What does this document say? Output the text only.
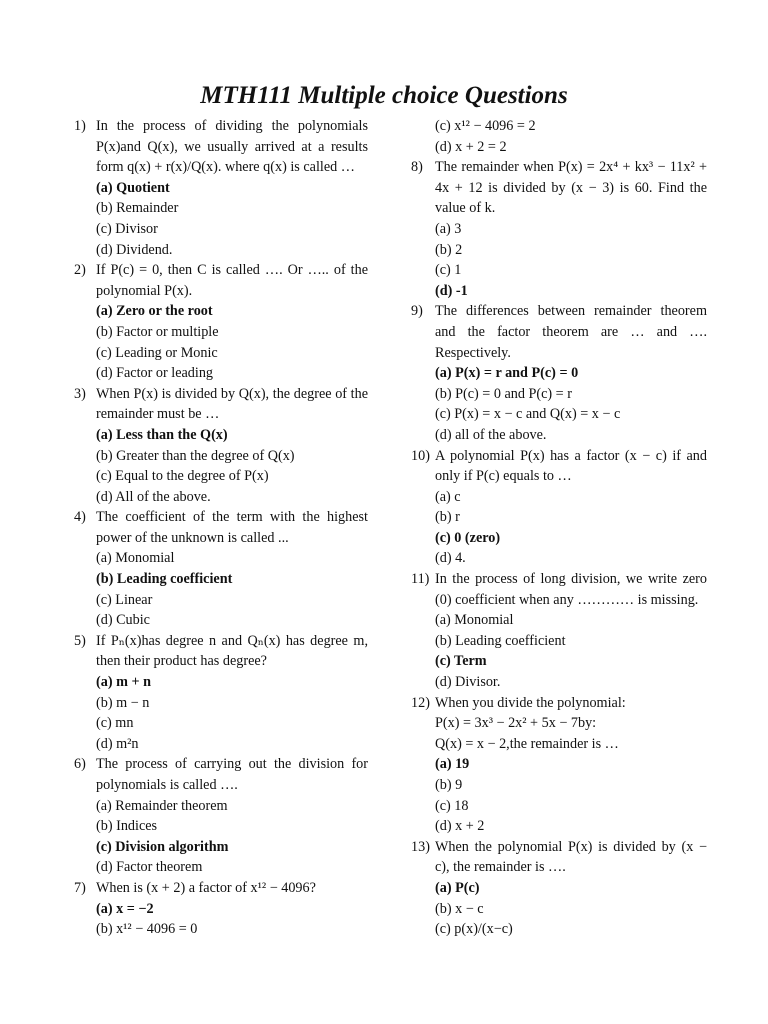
MTH111 Multiple choice Questions
1) In the process of dividing the polynomials P(x)and Q(x), we usually arrived at a results form q(x) + r(x)/Q(x). where q(x) is called …
(a) Quotient
(b) Remainder
(c) Divisor
(d) Dividend.
2) If P(c) = 0, then C is called …. Or ….. of the polynomial P(x).
(a) Zero or the root
(b) Factor or multiple
(c) Leading or Monic
(d) Factor or leading
3) When P(x) is divided by Q(x), the degree of the remainder must be …
(a) Less than the Q(x)
(b) Greater than the degree of Q(x)
(c) Equal to the degree of P(x)
(d) All of the above.
4) The coefficient of the term with the highest power of the unknown is called ...
(a) Monomial
(b) Leading coefficient
(c) Linear
(d) Cubic
5) If Pₙ(x)has degree n and Qₙ(x) has degree m, then their product has degree?
(a) m + n
(b) m − n
(c) mn
(d) m²n
6) The process of carrying out the division for polynomials is called ….
(a) Remainder theorem
(b) Indices
(c) Division algorithm
(d) Factor theorem
7) When is (x + 2) a factor of x¹² − 4096?
(a) x = −2
(b) x¹² − 4096 = 0
(c) x¹² − 4096 = 2
(d) x + 2 = 2
8) The remainder when P(x) = 2x⁴ + kx³ − 11x² + 4x + 12 is divided by (x − 3) is 60. Find the value of k.
(a) 3
(b) 2
(c) 1
(d) -1
9) The differences between remainder theorem and the factor theorem are … and …. Respectively.
(a) P(x) = r and P(c) = 0
(b) P(c) = 0 and P(c) = r
(c) P(x) = x − c and Q(x) = x − c
(d) all of the above.
10) A polynomial P(x) has a factor (x − c) if and only if P(c) equals to …
(a) c
(b) r
(c) 0 (zero)
(d) 4.
11) In the process of long division, we write zero (0) coefficient when any ………… is missing.
(a) Monomial
(b) Leading coefficient
(c) Term
(d) Divisor.
12) When you divide the polynomial:
P(x) = 3x³ − 2x² + 5x − 7by:
Q(x) = x − 2,the remainder is …
(a) 19
(b) 9
(c) 18
(d) x + 2
13) When the polynomial P(x) is divided by (x − c), the remainder is ….
(a) P(c)
(b) x − c
(c) p(x)/(x−c)
